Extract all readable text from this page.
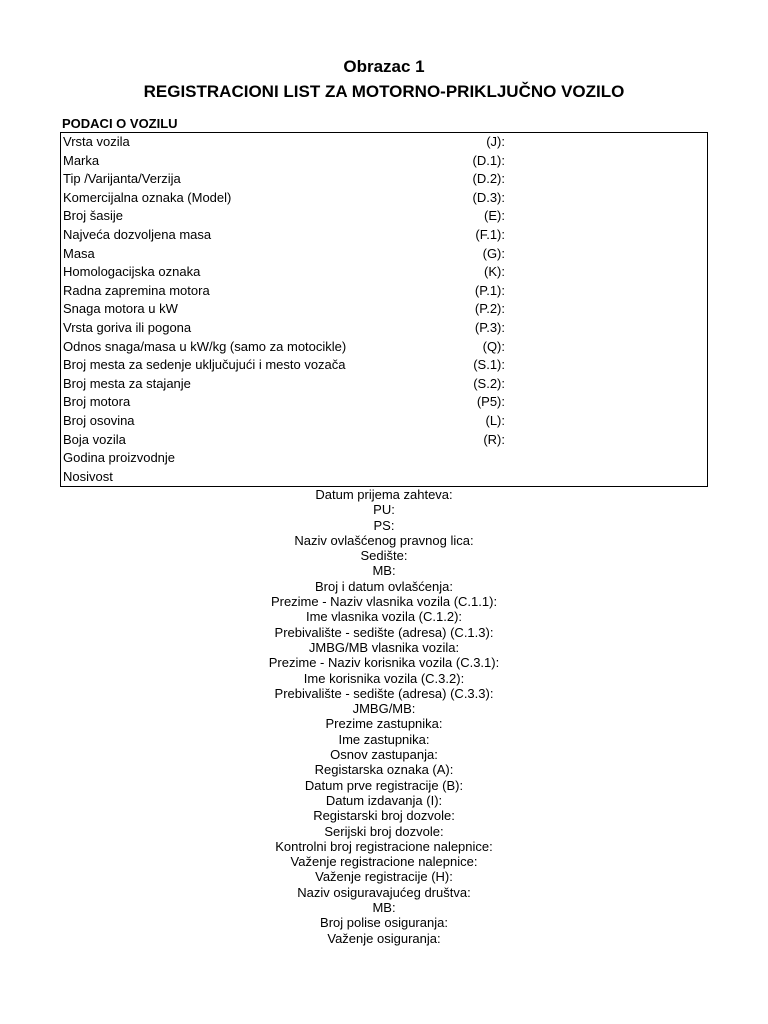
Obrazac 1
REGISTRACIONI LIST ZA MOTORNO-PRIKLJUČNO VOZILO
PODACI O VOZILU
Vrsta vozila	(J):
Marka	(D.1):
Tip /Varijanta/Verzija	(D.2):
Komercijalna oznaka (Model)	(D.3):
Broj šasije	(E):
Najveća dozvoljena masa	(F.1):
Masa	(G):
Homologacijska oznaka	(K):
Radna zapremina motora	(P.1):
Snaga motora u kW	(P.2):
Vrsta goriva ili pogona	(P.3):
Odnos snaga/masa u kW/kg (samo za motocikle)	(Q):
Broj mesta za sedenje uključujući i mesto vozača	(S.1):
Broj mesta za stajanje	(S.2):
Broj motora	(P5):
Broj osovina	(L):
Boja vozila	(R):
Godina proizvodnje
Nosivost
Datum prijema zahteva:
PU:
PS:
Naziv ovlašćenog pravnog lica:
Sedište:
MB:
Broj i datum ovlašćenja:
Prezime - Naziv vlasnika vozila (C.1.1):
Ime vlasnika vozila (C.1.2):
Prebivalište - sedište (adresa) (C.1.3):
JMBG/MB vlasnika vozila:
Prezime - Naziv korisnika vozila (C.3.1):
Ime korisnika vozila (C.3.2):
Prebivalište - sedište (adresa) (C.3.3):
JMBG/MB:
Prezime zastupnika:
Ime zastupnika:
Osnov zastupanja:
Registarska oznaka (A):
Datum prve registracije (B):
Datum izdavanja (I):
Registarski broj dozvole:
Serijski broj dozvole:
Kontrolni broj registracione nalepnice:
Važenje registracione nalepnice:
Važenje registracije (H):
Naziv osiguravajućeg društva:
MB:
Broj polise osiguranja:
Važenje osiguranja:
